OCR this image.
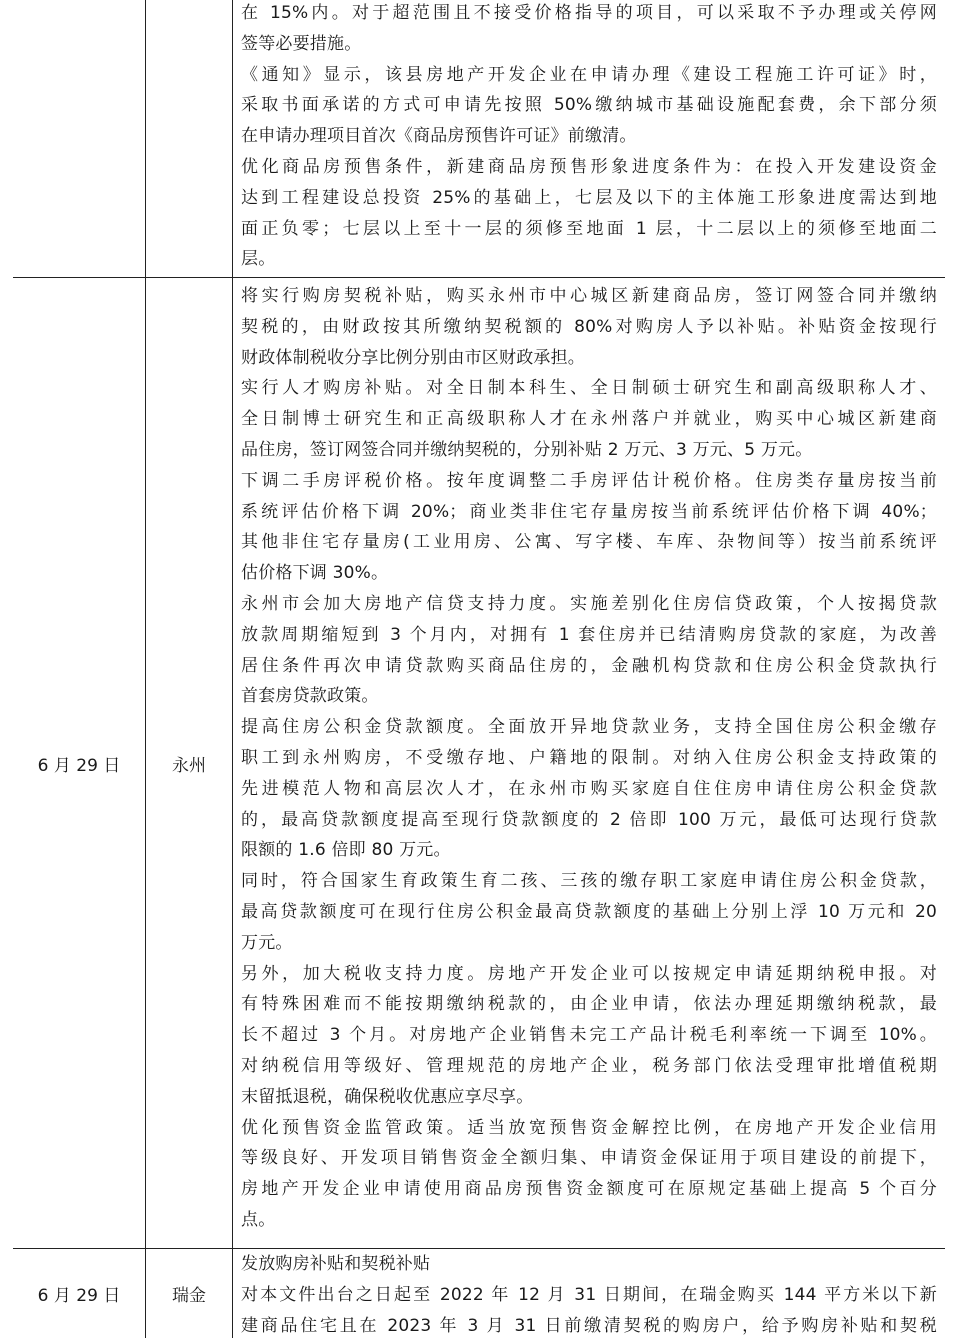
在 15%内。对于超范围且不接受价格指导的项目，可以采取不予办理或关停网
签等必要措施。
《通知》显示，该县房地产开发企业在申请办理《建设工程施工许可证》时，
采取书面承诺的方式可申请先按照 50%缴纳城市基础设施配套费，余下部分须
在申请办理项目首次《商品房预售许可证》前缴清。
优化商品房预售条件，新建商品房预售形象进度条件为：在投入开发建设资金
达到工程建设总投资 25%的基础上，七层及以下的主体施工形象进度需达到地
面正负零；七层以上至十一层的须修至地面 1 层，十二层以上的须修至地面二
层。
6 月 29 日	永州
将实行购房契税补贴，购买永州市中心城区新建商品房，签订网签合同并缴纳
契税的，由财政按其所缴纳契税额的 80%对购房人予以补贴。补贴资金按现行
财政体制税收分享比例分别由市区财政承担。
实行人才购房补贴。对全日制本科生、全日制硕士研究生和副高级职称人才、
全日制博士研究生和正高级职称人才在永州落户并就业，购买中心城区新建商
品住房，签订网签合同并缴纳契税的，分别补贴 2 万元、3 万元、5 万元。
下调二手房评税价格。按年度调整二手房评估计税价格。住房类存量房按当前
系统评估价格下调 20%；商业类非住宅存量房按当前系统评估价格下调 40%；
其他非住宅存量房(工业用房、公寓、写字楼、车库、杂物间等）按当前系统评
估价格下调 30%。
永州市会加大房地产信贷支持力度。实施差别化住房信贷政策，个人按揭贷款
放款周期缩短到 3 个月内，对拥有 1 套住房并已结清购房贷款的家庭，为改善
居住条件再次申请贷款购买商品住房的，金融机构贷款和住房公积金贷款执行
首套房贷款政策。
提高住房公积金贷款额度。全面放开异地贷款业务，支持全国住房公积金缴存
职工到永州购房，不受缴存地、户籍地的限制。对纳入住房公积金支持政策的
先进模范人物和高层次人才，在永州市购买家庭自住住房申请住房公积金贷款
的，最高贷款额度提高至现行贷款额度的 2 倍即 100 万元，最低可达现行贷款
限额的 1.6 倍即 80 万元。
同时，符合国家生育政策生育二孩、三孩的缴存职工家庭申请住房公积金贷款，
最高贷款额度可在现行住房公积金最高贷款额度的基础上分别上浮 10 万元和 20
万元。
另外，加大税收支持力度。房地产开发企业可以按规定申请延期纳税申报。对
有特殊困难而不能按期缴纳税款的，由企业申请，依法办理延期缴纳税款，最
长不超过 3 个月。对房地产企业销售未完工产品计税毛利率统一下调至 10%。
对纳税信用等级好、管理规范的房地产企业，税务部门依法受理审批增值税期
末留抵退税，确保税收优惠应享尽享。
优化预售资金监管政策。适当放宽预售资金解控比例，在房地产开发企业信用
等级良好、开发项目销售资金全额归集、申请资金保证用于项目建设的前提下，
房地产开发企业申请使用商品房预售资金额度可在原规定基础上提高 5 个百分
点。
6 月 29 日	瑞金
发放购房补贴和契税补贴
对本文件出台之日起至 2022 年 12 月 31 日期间，在瑞金购买 144 平方米以下新
建商品住宅且在 2023 年 3 月 31 日前缴清契税的购房户，给予购房补贴和契税
